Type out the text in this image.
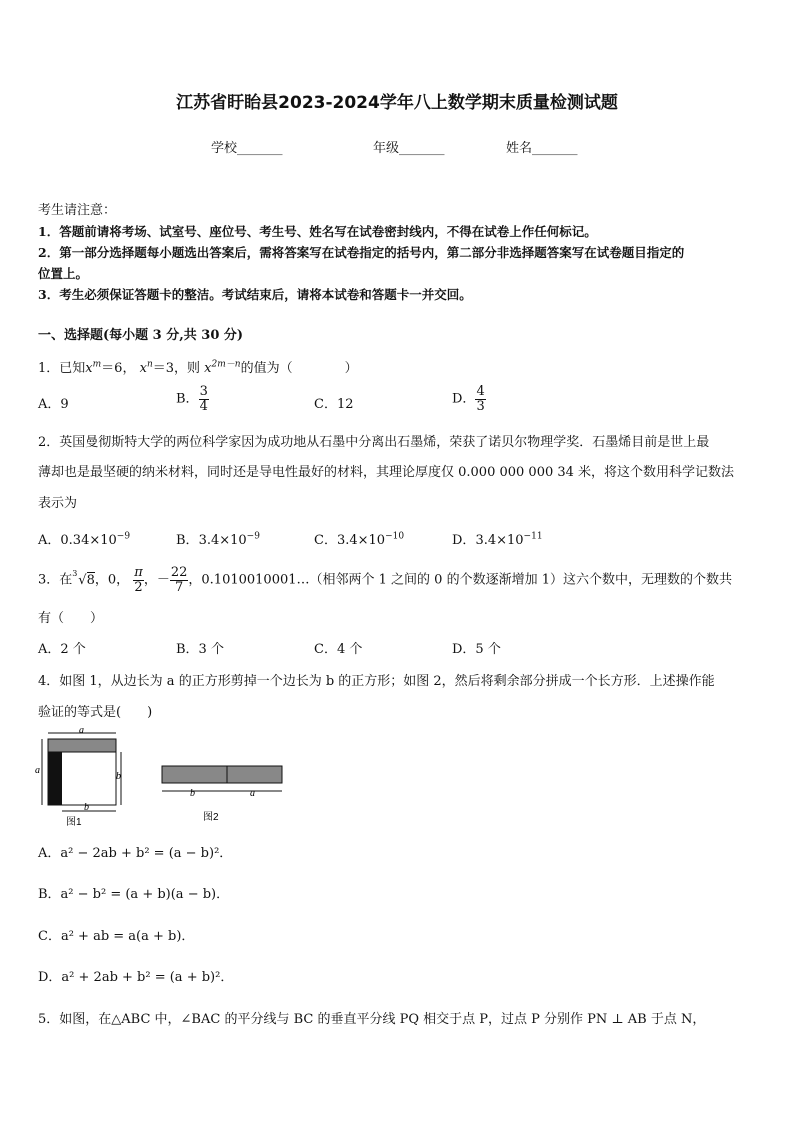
江苏省盱眙县2023-2024学年八上数学期末质量检测试题
学校_______	年级_______	姓名_______
考生请注意：
1．答题前请将考场、试室号、座位号、考生号、姓名写在试卷密封线内，不得在试卷上作任何标记。
2．第一部分选择题每小题选出答案后，需将答案写在试卷指定的括号内，第二部分非选择题答案写在试卷题目指定的
位置上。
3．考生必须保证答题卡的整洁。考试结束后，请将本试卷和答题卡一并交回。
一、选择题(每小题 3 分,共 30 分)
1．已知$x^m=6$， $x^n=3$，则 $x^{2m-n}$的值为（　　　　）
A．9	B． $\frac{3}{4}$	C．12	D． $\frac{4}{3}$
2．英国曼彻斯特大学的两位科学家因为成功地从石墨中分离出石墨烯，荣获了诺贝尔物理学奖．石墨烯目前是世上最
薄却也是最坚硬的纳米材料，同时还是导电性最好的材料，其理论厚度仅 0.000 000 000 34 米，将这个数用科学记数法
表示为
A．$0.34\times 10^{-9}$	B．$3.4\times 10^{-9}$	C．$3.4\times 10^{-10}$	D．$3.4\times 10^{-11}$
3．在 3 √8，0， $\frac{\pi}{2}$ ，－ $\frac{22}{7}$ ，0.1010010001…（相邻两个 1 之间的 0 的个数逐渐增加 1）这六个数中，无理数的个数共
有（　　）
A．2 个	B．3 个	C．4 个	D．5 个
4．如图 1，从边长为 a 的正方形剪掉一个边长为 b 的正方形；如图 2，然后将剩余部分拼成一个长方形．上述操作能
验证的等式是(　　)
a
a
b
b
图1
b	a
图2
A．a² − 2ab + b² = (a − b)²．
B．a² − b² = (a + b)(a − b)．
C．a² + ab = a(a + b)．
D．a² + 2ab + b² = (a + b)²．
5．如图，在△ABC 中，∠BAC 的平分线与 BC 的垂直平分线 PQ 相交于点 P，过点 P 分别作 PN ⊥ AB 于点 N，
